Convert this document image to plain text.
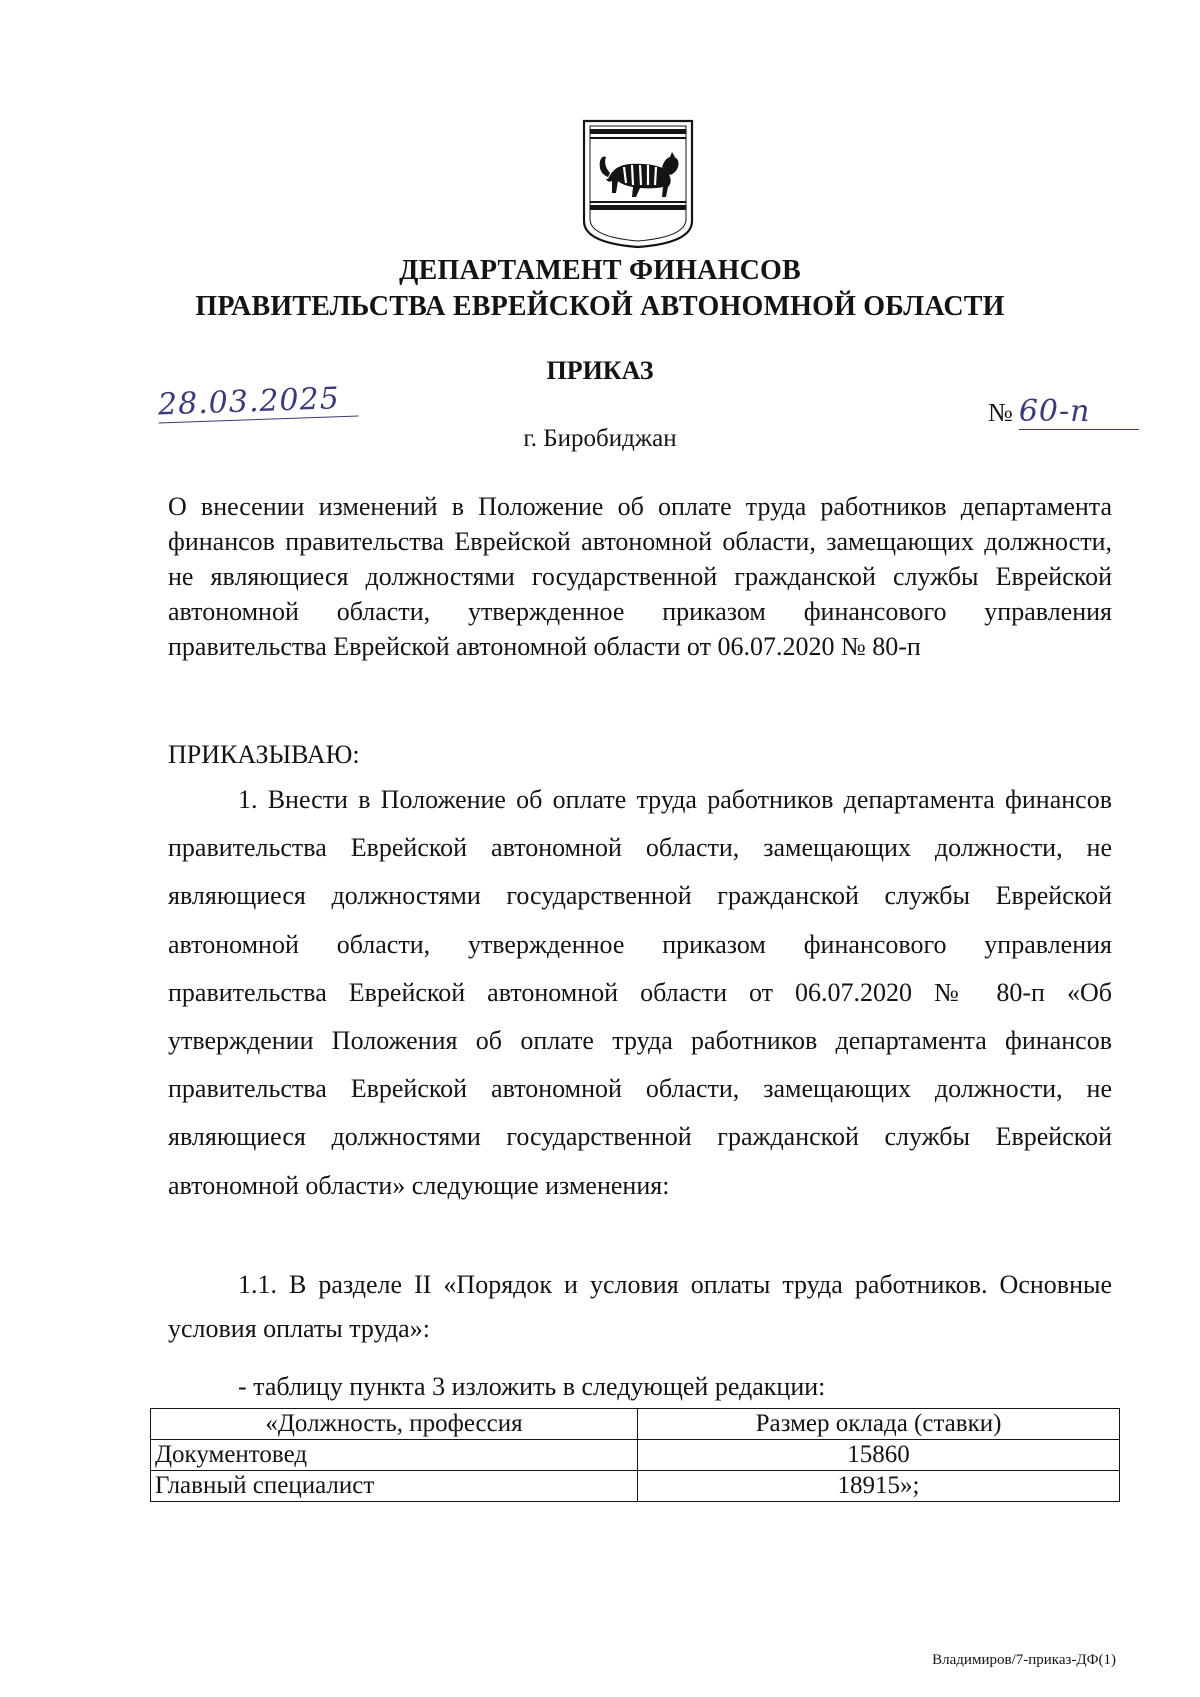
ДЕПАРТАМЕНТ ФИНАНСОВ
ПРАВИТЕЛЬСТВА ЕВРЕЙСКОЙ АВТОНОМНОЙ ОБЛАСТИ
ПРИКАЗ
28.03.2025	№ 60-п
г. Биробиджан
О внесении изменений в Положение об оплате труда работников департамента финансов правительства Еврейской автономной области, замещающих должности, не являющиеся должностями государственной гражданской службы Еврейской автономной области, утвержденное приказом финансового управления правительства Еврейской автономной области от 06.07.2020 № 80-п
ПРИКАЗЫВАЮ:
1. Внести в Положение об оплате труда работников департамента финансов правительства Еврейской автономной области, замещающих должности, не являющиеся должностями государственной гражданской службы Еврейской автономной области, утвержденное приказом финансового управления правительства Еврейской автономной области от 06.07.2020 № 80-п «Об утверждении Положения об оплате труда работников департамента финансов правительства Еврейской автономной области, замещающих должности, не являющиеся должностями государственной гражданской службы Еврейской автономной области» следующие изменения:
1.1. В разделе II «Порядок и условия оплаты труда работников. Основные условия оплаты труда»:
- таблицу пункта 3 изложить в следующей редакции:
«Должность, профессия	Размер оклада (ставки)
Документовед	15860
Главный специалист	18915»;
Владимиров/7-приказ-ДФ(1)
